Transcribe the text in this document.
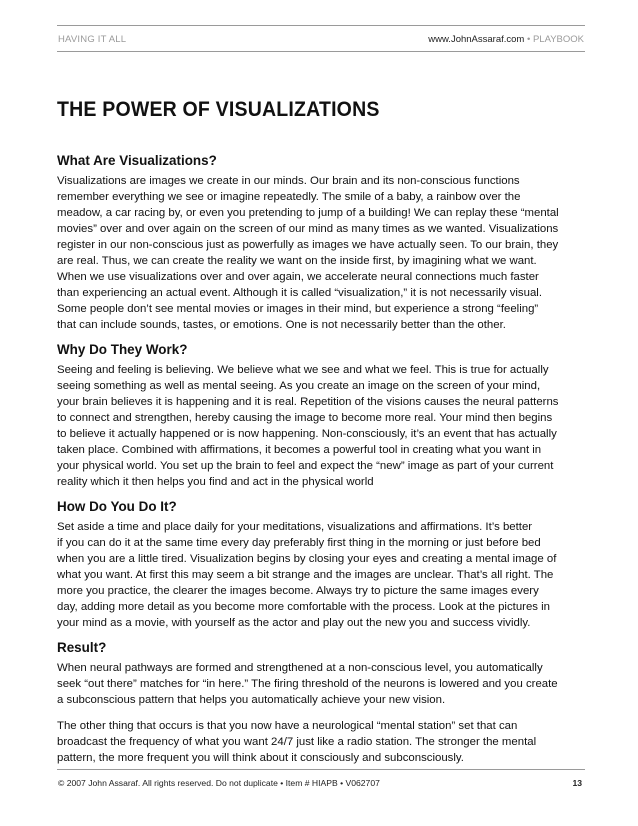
HAVING IT ALL	www.JohnAssaraf.com • PLAYBOOK
THE POWER OF VISUALIZATIONS
What Are Visualizations?

Visualizations are images we create in our minds. Our brain and its non-conscious functions
remember everything we see or imagine repeatedly. The smile of a baby, a rainbow over the
meadow, a car racing by, or even you pretending to jump of a building! We can replay these “mental
movies” over and over again on the screen of our mind as many times as we wanted. Visualizations
register in our non-conscious just as powerfully as images we have actually seen. To our brain, they
are real. Thus, we can create the reality we want on the inside first, by imagining what we want.
When we use visualizations over and over again, we accelerate neural connections much faster
than experiencing an actual event. Although it is called “visualization,” it is not necessarily visual.
Some people don’t see mental movies or images in their mind, but experience a strong “feeling”
that can include sounds, tastes, or emotions. One is not necessarily better than the other.

Why Do They Work?

Seeing and feeling is believing. We believe what we see and what we feel. This is true for actually
seeing something as well as mental seeing. As you create an image on the screen of your mind,
your brain believes it is happening and it is real. Repetition of the visions causes the neural patterns
to connect and strengthen, hereby causing the image to become more real. Your mind then begins
to believe it actually happened or is now happening. Non-consciously, it’s an event that has actually
taken place. Combined with affirmations, it becomes a powerful tool in creating what you want in
your physical world. You set up the brain to feel and expect the “new” image as part of your current
reality which it then helps you find and act in the physical world

How Do You Do It?

Set aside a time and place daily for your meditations, visualizations and affirmations. It’s better
if you can do it at the same time every day preferably first thing in the morning or just before bed
when you are a little tired. Visualization begins by closing your eyes and creating a mental image of
what you want. At first this may seem a bit strange and the images are unclear. That’s all right. The
more you practice, the clearer the images become. Always try to picture the same images every
day, adding more detail as you become more comfortable with the process. Look at the pictures in
your mind as a movie, with yourself as the actor and play out the new you and success vividly.

Result?

When neural pathways are formed and strengthened at a non-conscious level, you automatically
seek “out there” matches for “in here.” The firing threshold of the neurons is lowered and you create
a subconscious pattern that helps you automatically achieve your new vision.

The other thing that occurs is that you now have a neurological “mental station” set that can
broadcast the frequency of what you want 24/7 just like a radio station. The stronger the mental
pattern, the more frequent you will think about it consciously and subconsciously.

© 2007 John Assaraf. All rights reserved. Do not duplicate • Item # HIAPB • V062707	13
